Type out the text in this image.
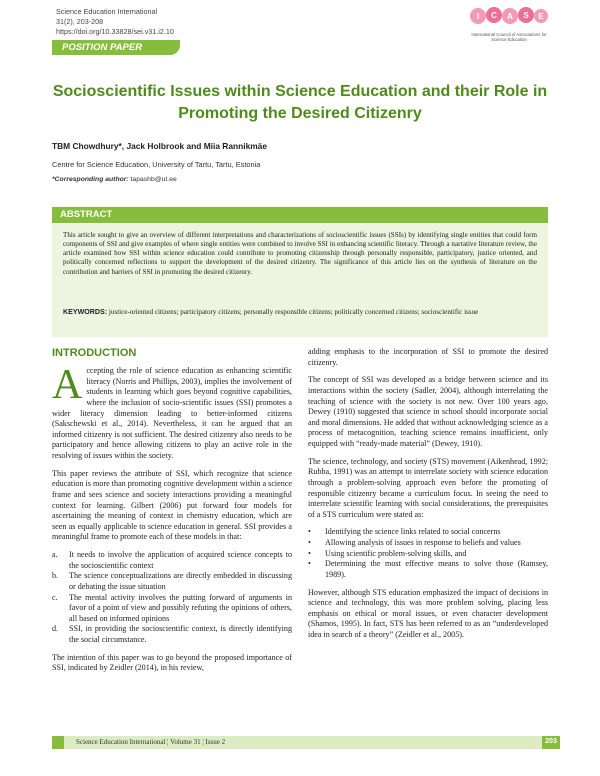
Science Education International
31(2), 203-208
https://doi.org/10.33828/sei.v31.i2.10
I C A S E
International Council of Associations for Science Education
POSITION PAPER
Socioscientific Issues within Science Education and their Role in Promoting the Desired Citizenry
TBM Chowdhury*, Jack Holbrook and Miia Rannikmäe
Centre for Science Education, University of Tartu, Tartu, Estonia
*Corresponding author: tapashb@ut.ee
ABSTRACT

This article sought to give an overview of different interpretations and characterizations of socioscientific issues (SSIs) by identifying single entities that could form components of SSI and give examples of where single entities were combined to involve SSI in enhancing scientific literacy. Through a narrative literature review, the article examined how SSI within science education could contribute to promoting citizenship through personally responsible, participatory, justice oriented, and politically concerned reflections to support the development of the desired citizenry. The significance of this article lies on the synthesis of literature on the contribution and barriers of SSI in promoting the desired citizenry.

KEYWORDS: justice-oriented citizens; participatory citizens; personally responsible citizens; politically concerned citizens; socioscientific issue

INTRODUCTION

Accepting the role of science education as enhancing scientific literacy (Norris and Phillips, 2003), implies the involvement of students in learning which goes beyond cognitive capabilities, where the inclusion of socio-scientific issues (SSI) promotes a wider literacy dimension leading to better-informed citizens (Sakschewski et al., 2014). Nevertheless, it can be argued that an informed citizenry is not sufficient. The desired citizenry also needs to be participatory and hence allowing citizens to play an active role in the resolving of issues within the society.

This paper reviews the attribute of SSI, which recognize that science education is more than promoting cognitive development within a science frame and sees science and society interactions providing a meaningful context for learning. Gilbert (2006) put forward four models for ascertaining the meaning of context in chemistry education, which are seen as equally applicable to science education in general. SSI provides a meaningful frame to promote each of these models in that:

a. It needs to involve the application of acquired science concepts to the socioscientific context
b. The science conceptualizations are directly embedded in discussing or debating the issue situation
c. The mental activity involves the putting forward of arguments in favor of a point of view and possibly refuting the opinions of others, all based on informed opinions
d. SSI, in providing the socioscientific context, is directly identifying the social circumstance.

The intention of this paper was to go beyond the proposed importance of SSI, indicated by Zeidler (2014), in his review,

adding emphasis to the incorporation of SSI to promote the desired citizenry.

The concept of SSI was developed as a bridge between science and its interactions within the society (Sadler, 2004), although interrelating the teaching of science with the society is not new. Over 100 years ago, Dewey (1910) suggested that science in school should incorporate social and moral dimensions. He added that without acknowledging science as a process of metacognition, teaching science remains insufficient, only equipped with “ready-made material” (Dewey, 1910).

The science, technology, and society (STS) movement (Aikenhead, 1992; Rubba, 1991) was an attempt to interrelate society with science education through a problem-solving approach even before the promoting of responsible citizenry became a curriculum focus. In seeing the need to interrelate scientific learning with social considerations, the prerequisites of a STS curriculum were stated as:

• Identifying the science links related to social concerns
• Allowing analysis of issues in response to beliefs and values
• Using scientific problem-solving skills, and
• Determining the most effective means to solve those (Ramsey, 1989).

However, although STS education emphasized the impact of decisions in science and technology, this was more problem solving, placing less emphasis on ethical or moral issues, or even character development (Shamos, 1995). In fact, STS has been referred to as an “underdeveloped idea in search of a theory” (Zeidler et al., 2005).

Science Education International ¦ Volume 31 ¦ Issue 2	203
